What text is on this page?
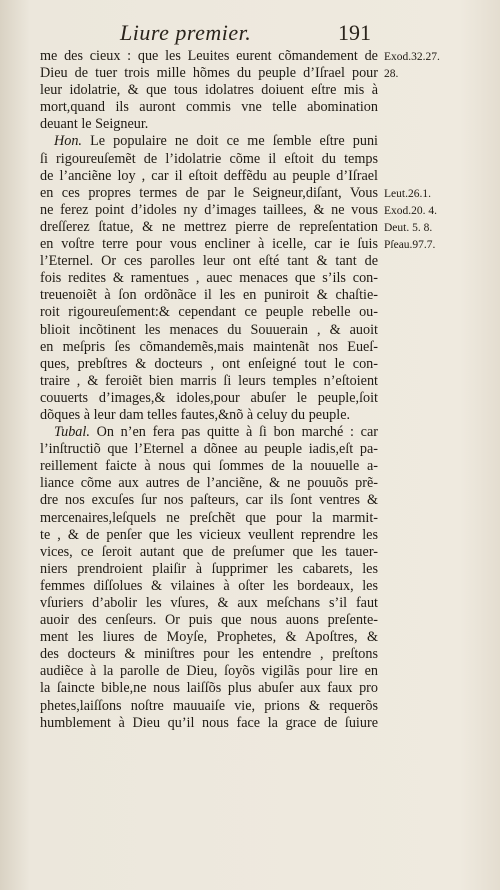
Liure premier.	191
me des cieux : que les Leuites eurent cõmandement de
Dieu de tuer trois mille hõmes du peuple d’Iſrael pour
leur idolatrie, & que tous idolatres doiuent eſtre mis à
mort,quand ils auront commis vne telle abomination
deuant le Seigneur.
Hon. Le populaire ne doit ce me ſemble eſtre puni
ſi rigoureuſemẽt de l’idolatrie cõme il eſtoit du temps
de l’anciẽne loy , car il eſtoit deffẽdu au peuple d’Iſrael
en ces propres termes de par le Seigneur,diſant, Vous
ne ferez point d’idoles ny d’images taillees, & ne vous
dreſſerez ſtatue, & ne mettrez pierre de repreſentation
en voſtre terre pour vous encliner à icelle, car ie ſuis
l’Eternel. Or ces parolles leur ont eſté tant & tant de
fois redites & ramentues , auec menaces que s’ils con-
treuenoiẽt à ſon ordõnãce il les en puniroit & chaſtie-
roit rigoureuſement:& cependant ce peuple rebelle ou-
blioit incõtinent les menaces du Souuerain , & auoit
en meſpris ſes cõmandemẽs,mais maintenãt nos Eueſ-
ques, prebſtres & docteurs , ont enſeigné tout le con-
traire , & feroiẽt bien marris ſi leurs temples n’eſtoient
couuerts d’images,& idoles,pour abuſer le peuple,ſoit
dõques à leur dam telles fautes,&nõ à celuy du peuple.
Tubal. On n’en fera pas quitte à ſi bon marché : car
l’inſtructiõ que l’Eternel a dõnee au peuple iadis,eſt pa-
reillement faicte à nous qui ſommes de la nouuelle a-
liance cõme aux autres de l’anciẽne, & ne pouuõs prẽ-
dre nos excuſes ſur nos paſteurs, car ils ſont ventres &
mercenaires,leſquels ne preſchẽt que pour la marmit-
te , & de penſer que les vicieux veullent reprendre les
vices, ce ſeroit autant que de preſumer que les tauer-
niers prendroient plaiſir à ſupprimer les cabarets, les
femmes diſſolues & vilaines à oſter les bordeaux, les
vſuriers d’abolir les vſures, & aux meſchans s’il faut
auoir des cenſeurs. Or puis que nous auons preſente-
ment les liures de Moyſe, Prophetes, & Apoſtres, &
des docteurs & miniſtres pour les entendre , preſtons
audiẽce à la parolle de Dieu, ſoyõs vigilãs pour lire en
la ſaincte bible,ne nous laiſſõs plus abuſer aux faux pro
phetes,laiſſons noſtre mauuaiſe vie, prions & requerõs
humblement à Dieu qu’il nous face la grace de ſuiure
Exod.32.27.
28.
Leut.26.1.
Exod.20. 4.
Deut. 5. 8.
Pſeau.97.7.
